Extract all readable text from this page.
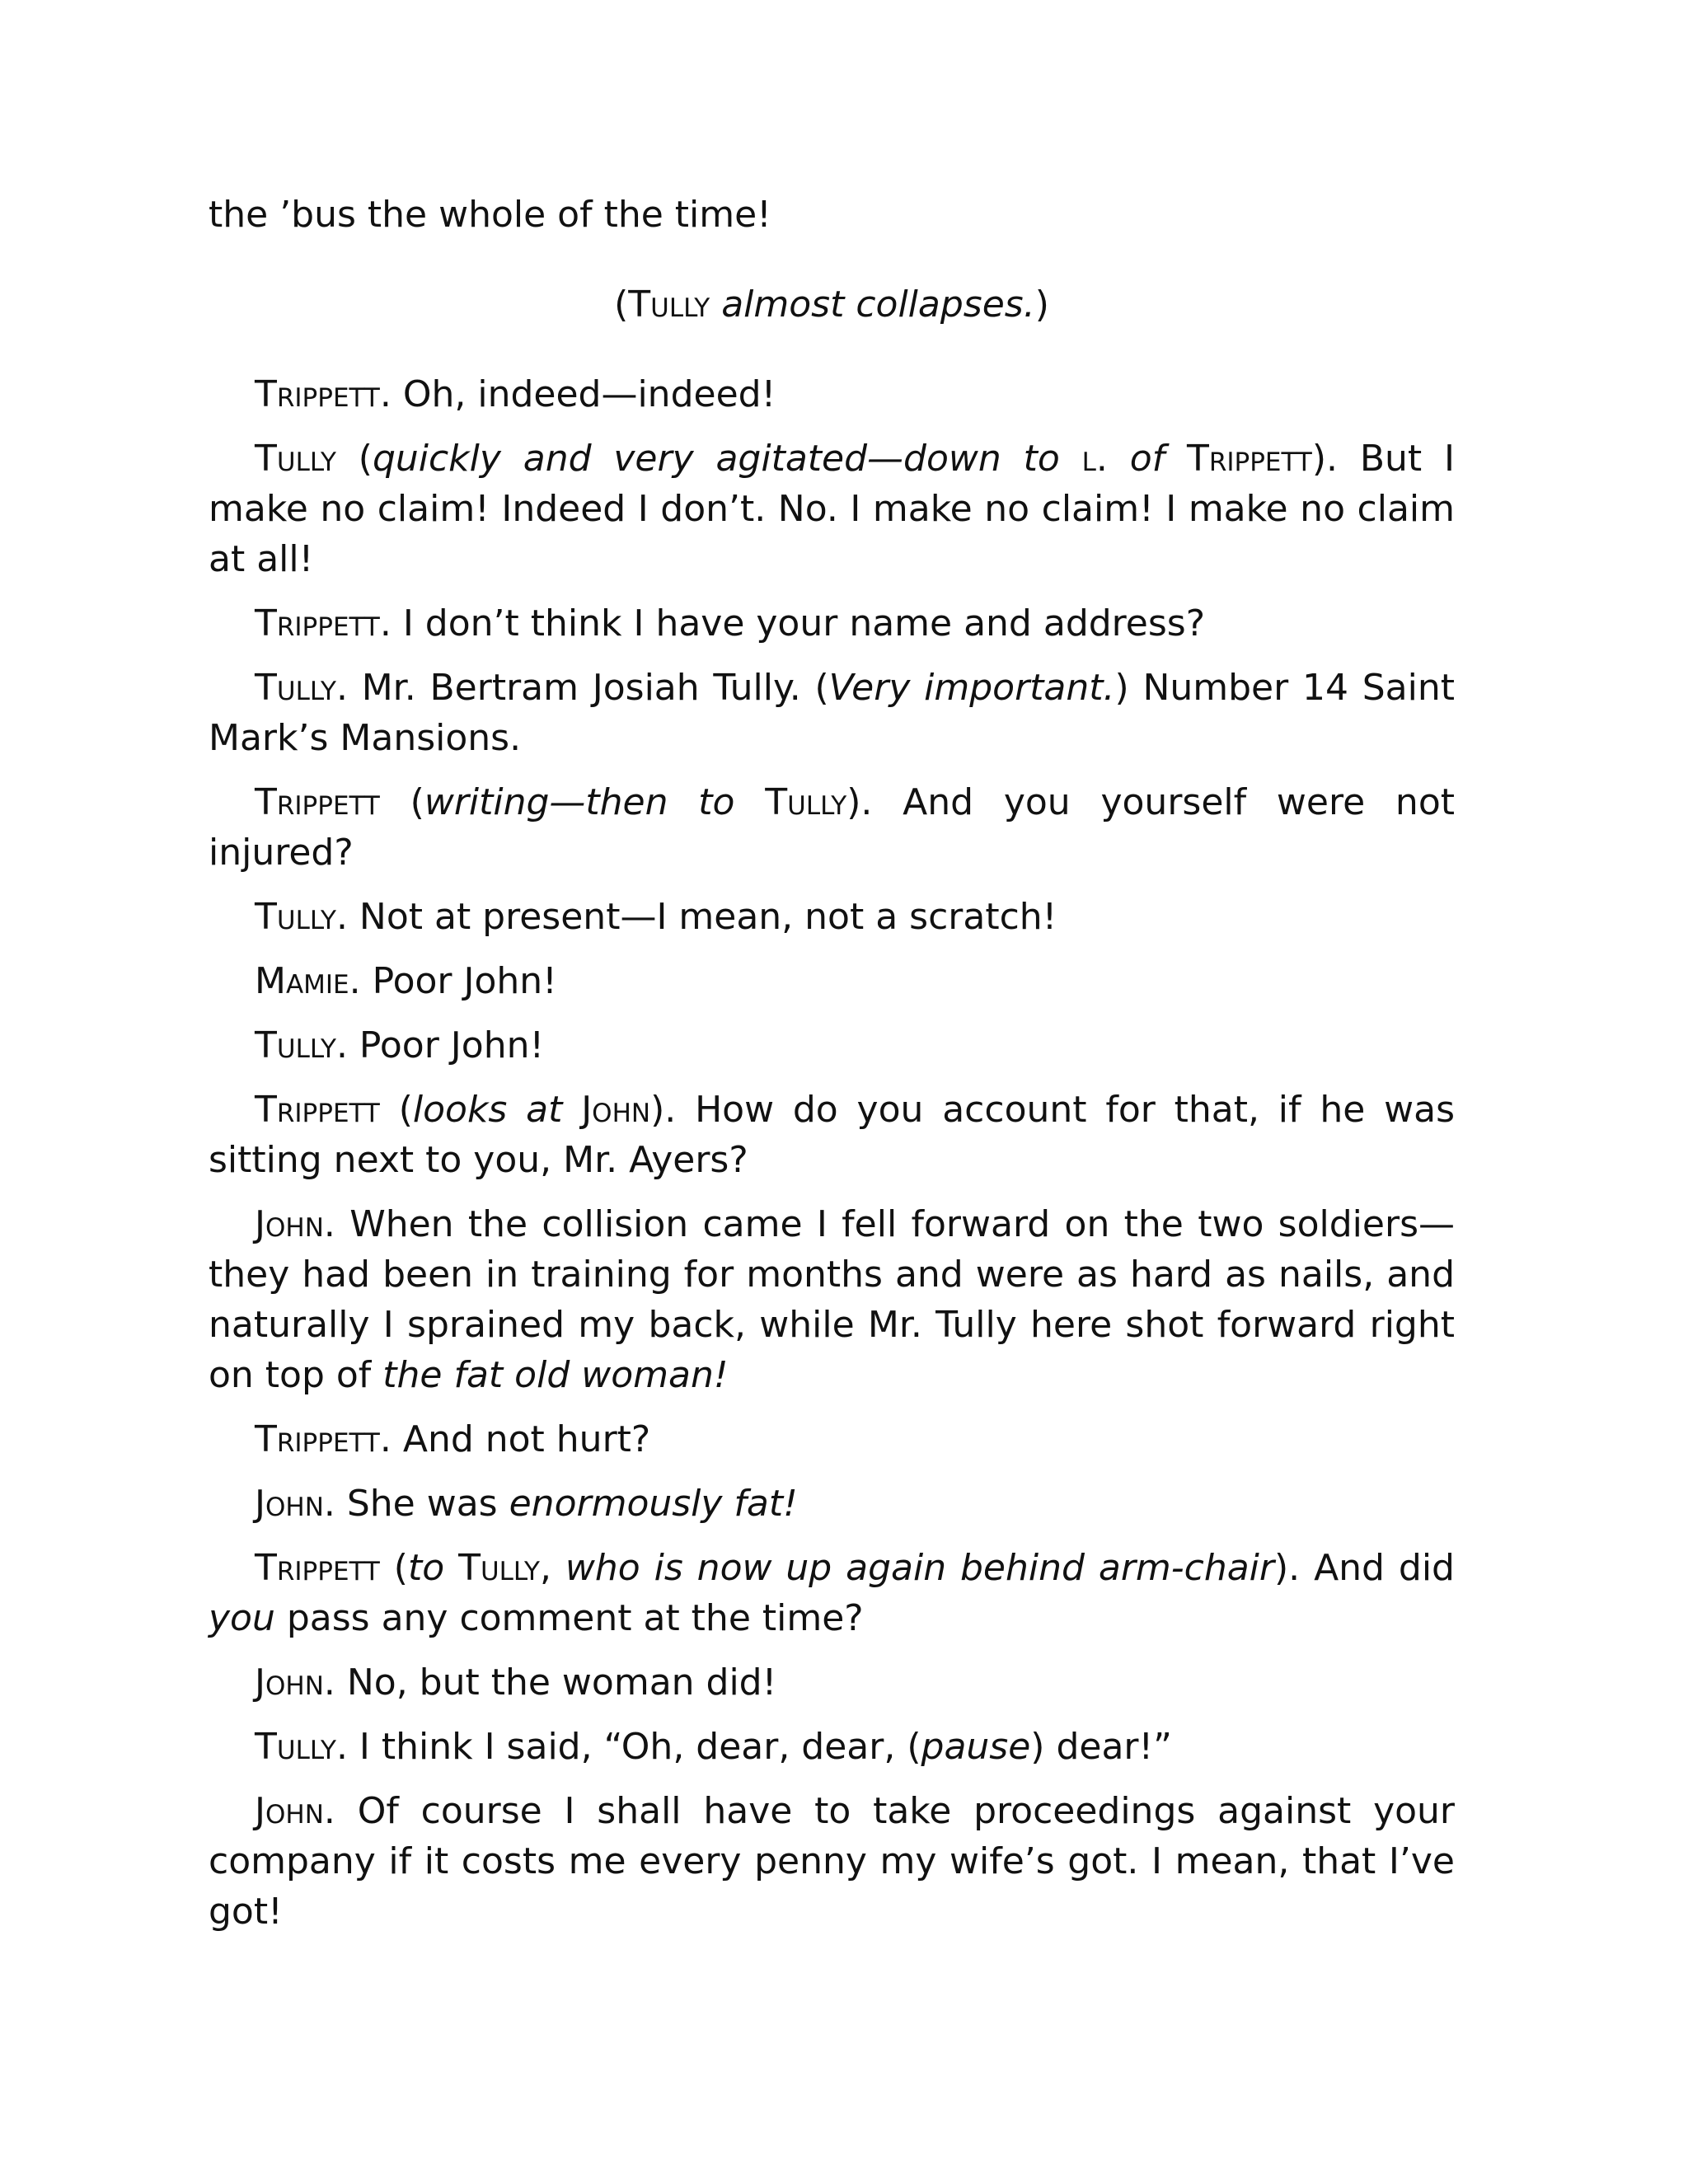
the ’bus the whole of the time!

(Tully almost collapses.)

Trippett. Oh, indeed—indeed!

Tully (quickly and very agitated—down to l. of Trippett). But I make no claim! Indeed I don’t. No. I make no claim! I make no claim at all!

Trippett. I don’t think I have your name and address?

Tully. Mr. Bertram Josiah Tully. (Very important.) Number 14 Saint Mark’s Mansions.

Trippett (writing—then to Tully). And you yourself were not injured?

Tully. Not at present—I mean, not a scratch!

Mamie. Poor John!

Tully. Poor John!

Trippett (looks at John). How do you account for that, if he was sitting next to you, Mr. Ayers?

John. When the collision came I fell forward on the two soldiers—they had been in training for months and were as hard as nails, and naturally I sprained my back, while Mr. Tully here shot forward right on top of the fat old woman!

Trippett. And not hurt?

John. She was enormously fat!

Trippett (to Tully, who is now up again behind arm-chair). And did you pass any comment at the time?

John. No, but the woman did!

Tully. I think I said, “Oh, dear, dear, (pause) dear!”

John. Of course I shall have to take proceedings against your company if it costs me every penny my wife’s got. I mean, that I’ve got!
